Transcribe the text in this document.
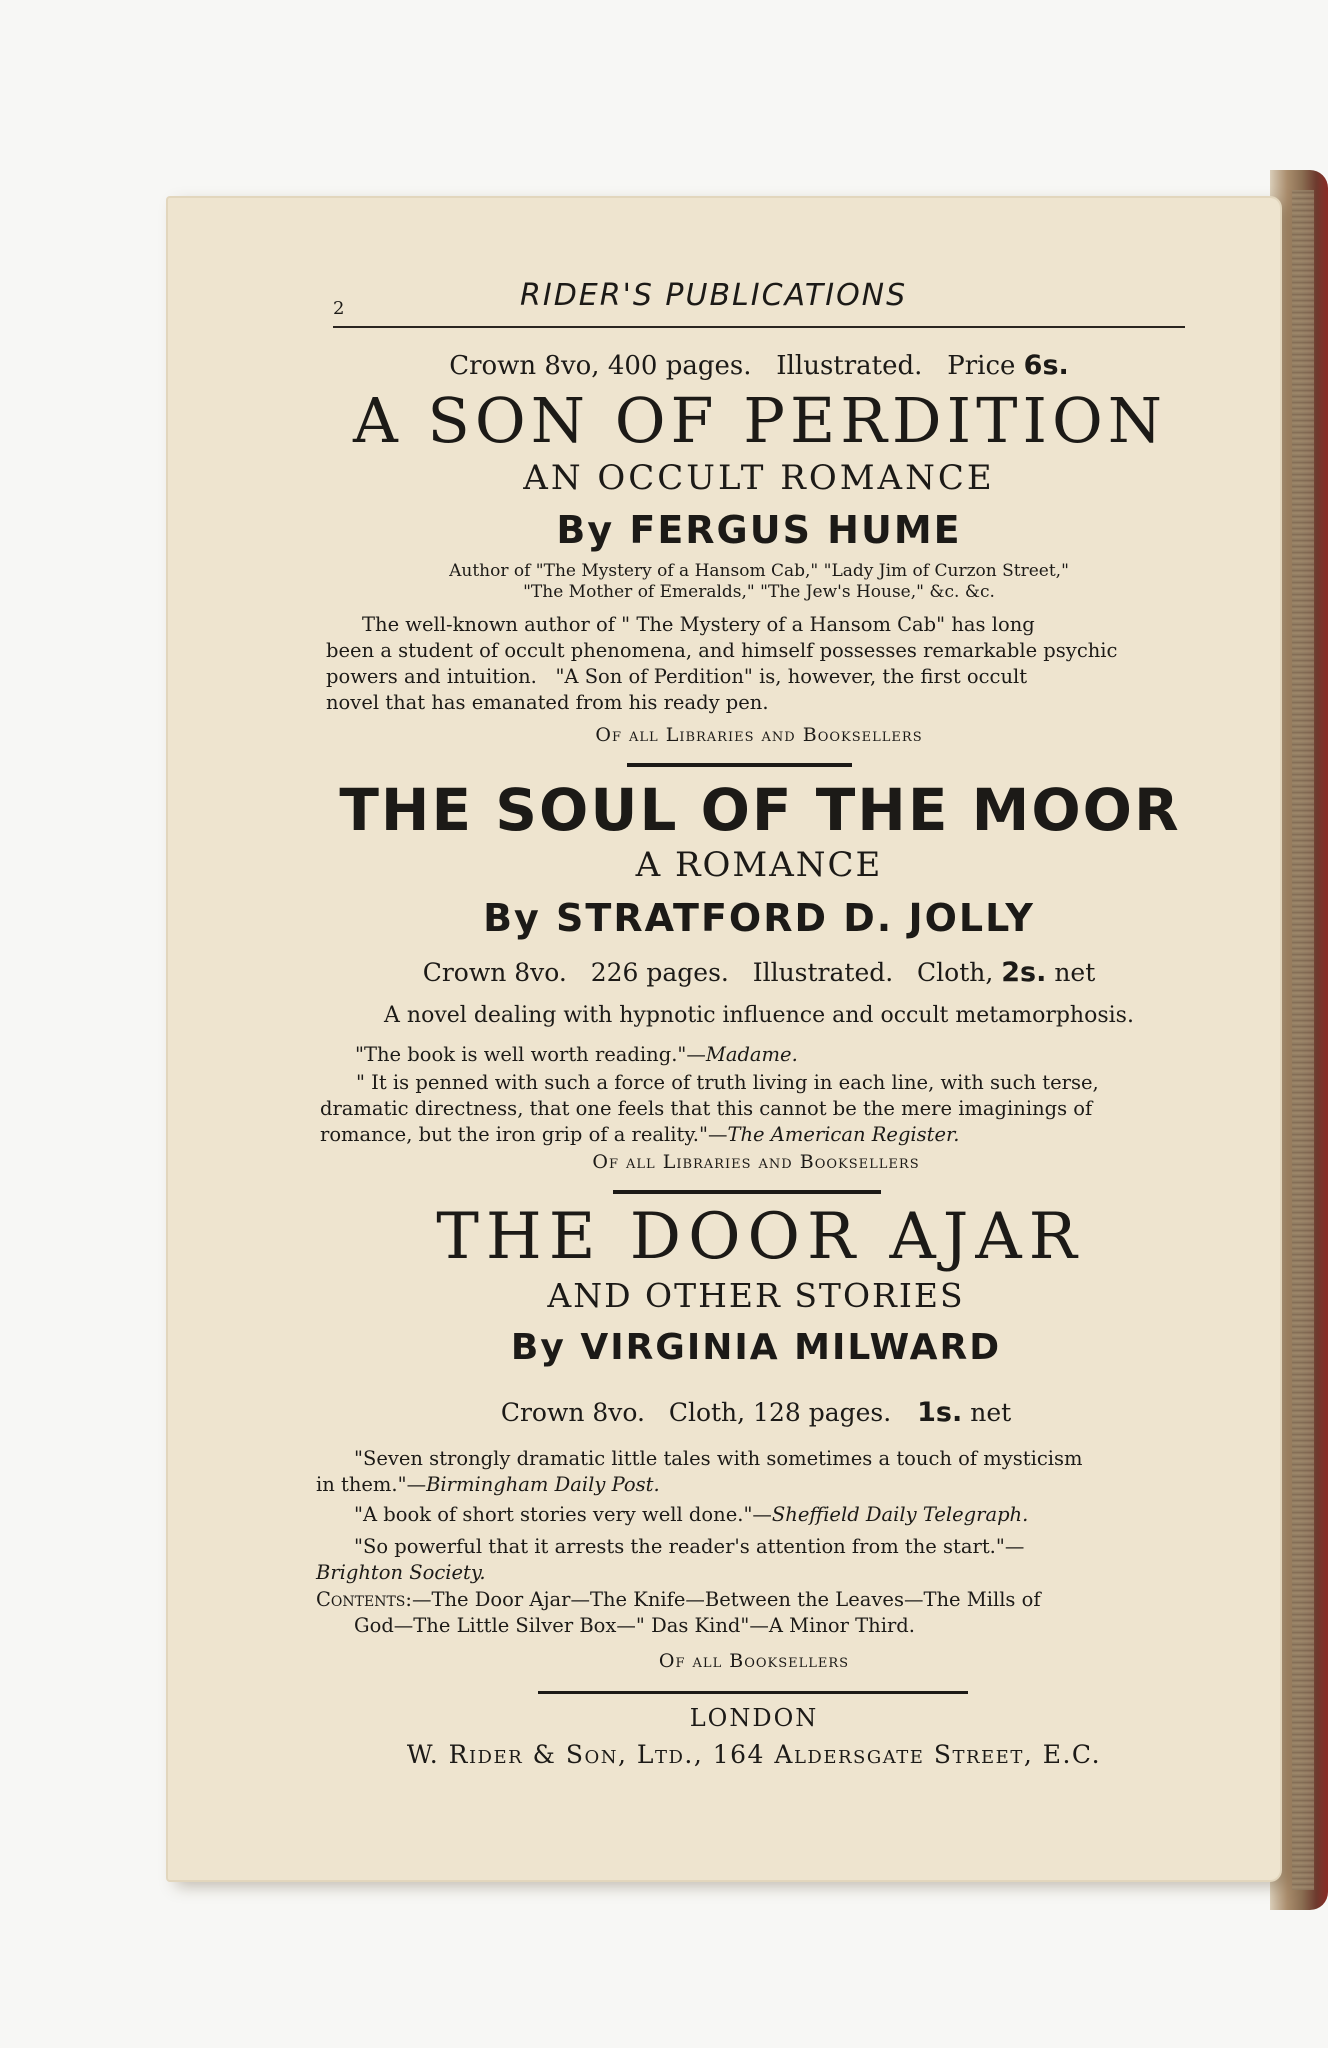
2	RIDER'S PUBLICATIONS
Crown 8vo, 400 pages.   Illustrated.   Price 6s.
A SON OF PERDITION
AN OCCULT ROMANCE
By FERGUS HUME
Author of "The Mystery of a Hansom Cab," "Lady Jim of Curzon Street,"
"The Mother of Emeralds," "The Jew's House," &c. &c.
The well-known author of " The Mystery of a Hansom Cab" has long
been a student of occult phenomena, and himself possesses remarkable psychic
powers and intuition.   "A Son of Perdition" is, however, the first occult
novel that has emanated from his ready pen.
Of all Libraries and Booksellers
THE SOUL OF THE MOOR
A ROMANCE
By STRATFORD D. JOLLY
Crown 8vo.   226 pages.   Illustrated.   Cloth, 2s. net
A novel dealing with hypnotic influence and occult metamorphosis.
"The book is well worth reading."—Madame.
" It is penned with such a force of truth living in each line, with such terse,
dramatic directness, that one feels that this cannot be the mere imaginings of
romance, but the iron grip of a reality."—The American Register.
Of all Libraries and Booksellers
THE DOOR AJAR
AND OTHER STORIES
By VIRGINIA MILWARD
Crown 8vo.   Cloth, 128 pages. 1s. net
"Seven strongly dramatic little tales with sometimes a touch of mysticism
in them."—Birmingham Daily Post.
"A book of short stories very well done."—Sheffield Daily Telegraph.
"So powerful that it arrests the reader's attention from the start."—
Brighton Society.
Contents:—The Door Ajar—The Knife—Between the Leaves—The Mills of
God—The Little Silver Box—" Das Kind"—A Minor Third.
Of all Booksellers
LONDON
W. Rider & Son, Ltd., 164 Aldersgate Street, E.C.
